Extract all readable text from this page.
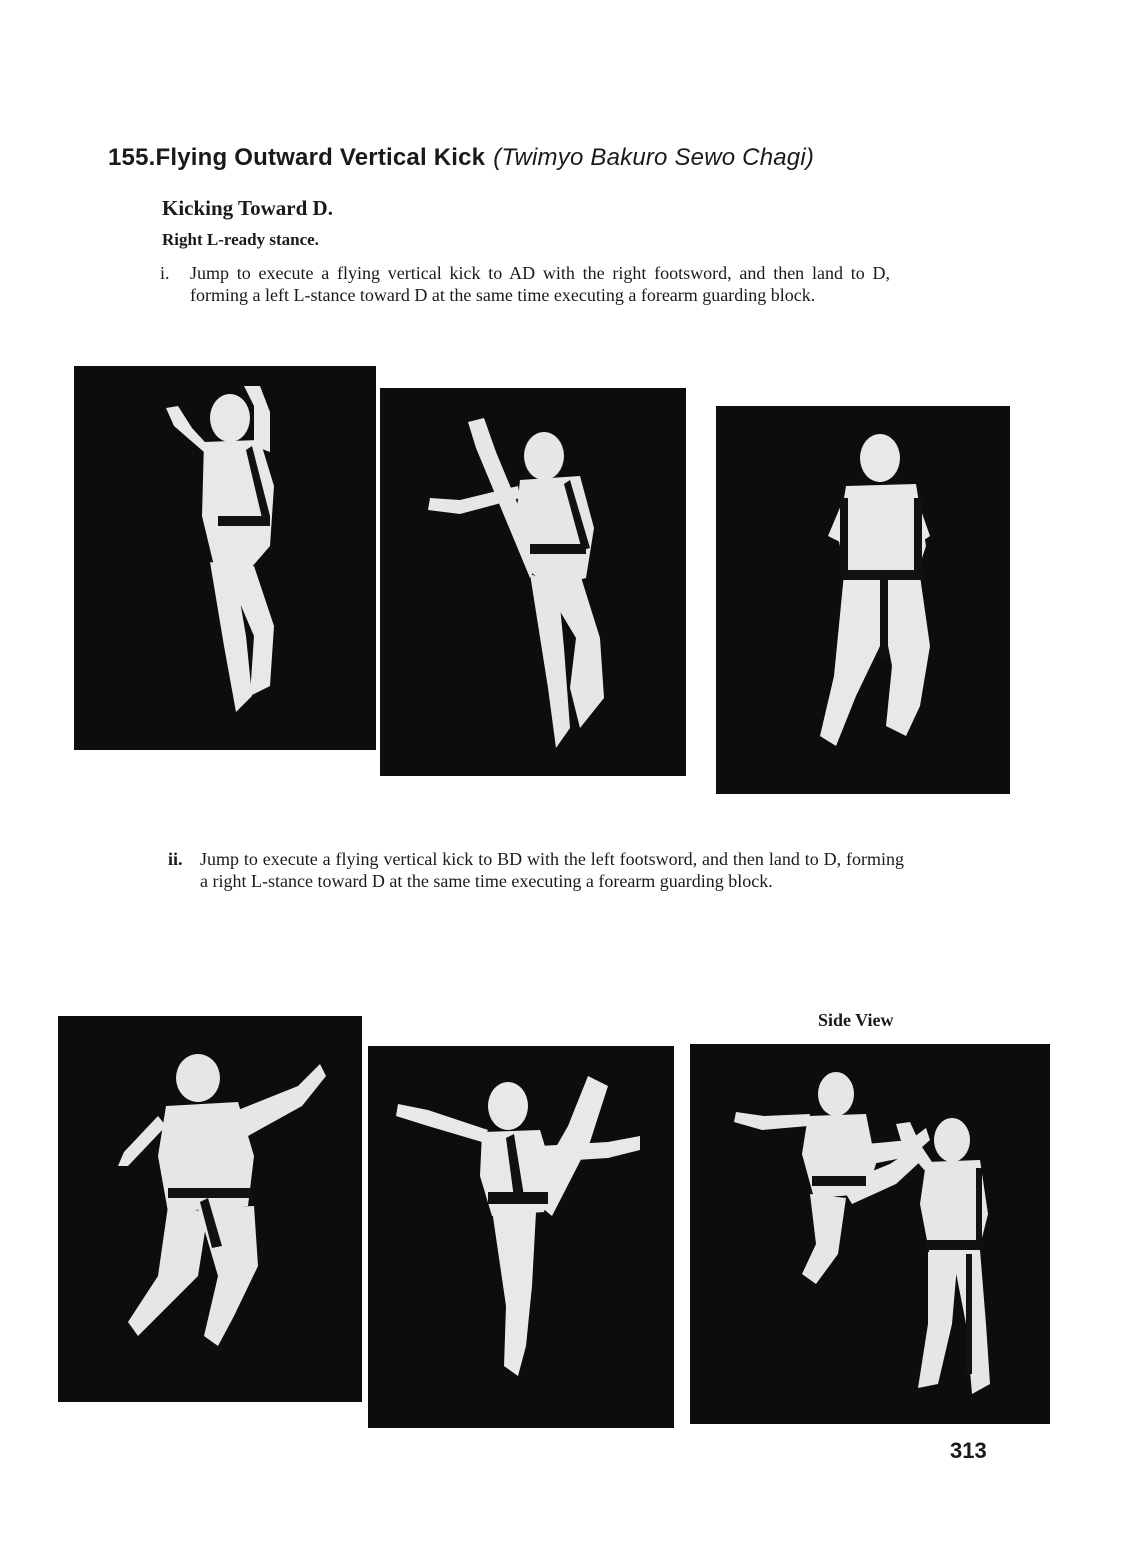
155.Flying Outward Vertical Kick (Twimyo Bakuro Sewo Chagi)
Kicking Toward D.
Right L-ready stance.
i. Jump to execute a flying vertical kick to AD with the right footsword, and then land to D, forming a left L-stance toward D at the same time executing a forearm guarding block.
ii. Jump to execute a flying vertical kick to BD with the left footsword, and then land to D, forming a right L-stance toward D at the same time executing a forearm guarding block.
Side View
313
